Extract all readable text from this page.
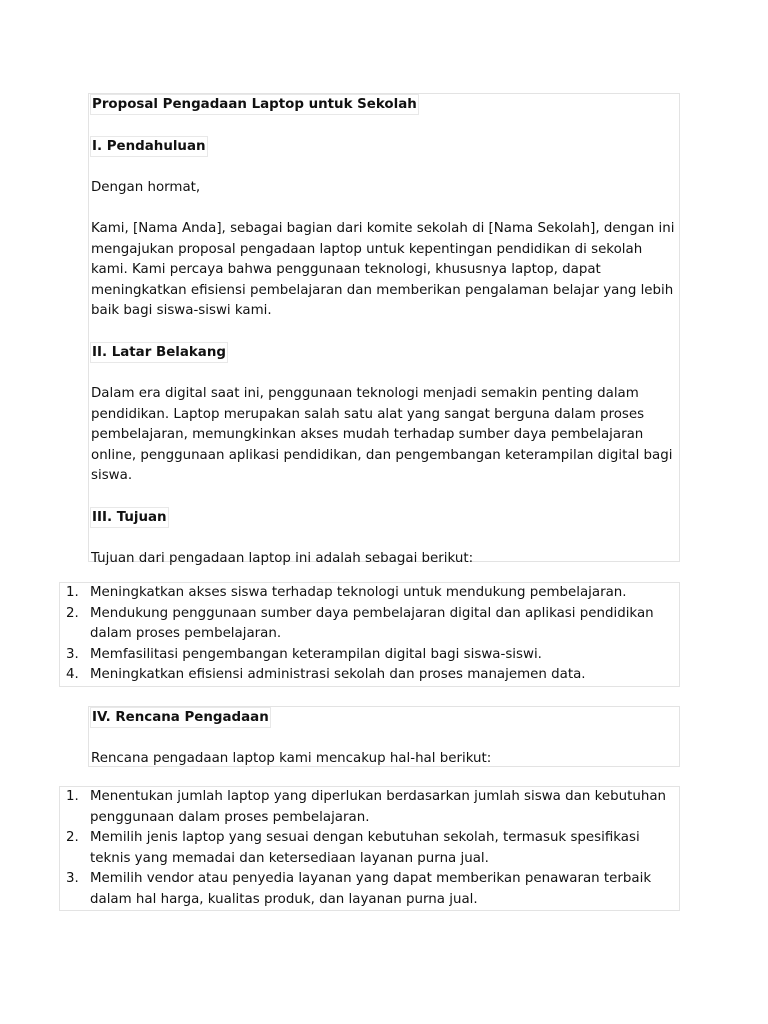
Proposal Pengadaan Laptop untuk Sekolah
I. Pendahuluan

Dengan hormat,

Kami, [Nama Anda], sebagai bagian dari komite sekolah di [Nama Sekolah], dengan ini mengajukan proposal pengadaan laptop untuk kepentingan pendidikan di sekolah kami. Kami percaya bahwa penggunaan teknologi, khususnya laptop, dapat meningkatkan efisiensi pembelajaran dan memberikan pengalaman belajar yang lebih baik bagi siswa-siswi kami.

II. Latar Belakang

Dalam era digital saat ini, penggunaan teknologi menjadi semakin penting dalam pendidikan. Laptop merupakan salah satu alat yang sangat berguna dalam proses pembelajaran, memungkinkan akses mudah terhadap sumber daya pembelajaran online, penggunaan aplikasi pendidikan, dan pengembangan keterampilan digital bagi siswa.

III. Tujuan

Tujuan dari pengadaan laptop ini adalah sebagai berikut:

1. Meningkatkan akses siswa terhadap teknologi untuk mendukung pembelajaran.
2. Mendukung penggunaan sumber daya pembelajaran digital dan aplikasi pendidikan dalam proses pembelajaran.
3. Memfasilitasi pengembangan keterampilan digital bagi siswa-siswi.
4. Meningkatkan efisiensi administrasi sekolah dan proses manajemen data.
IV. Rencana Pengadaan

Rencana pengadaan laptop kami mencakup hal-hal berikut:

1. Menentukan jumlah laptop yang diperlukan berdasarkan jumlah siswa dan kebutuhan penggunaan dalam proses pembelajaran.
2. Memilih jenis laptop yang sesuai dengan kebutuhan sekolah, termasuk spesifikasi teknis yang memadai dan ketersediaan layanan purna jual.
3. Memilih vendor atau penyedia layanan yang dapat memberikan penawaran terbaik dalam hal harga, kualitas produk, dan layanan purna jual.
